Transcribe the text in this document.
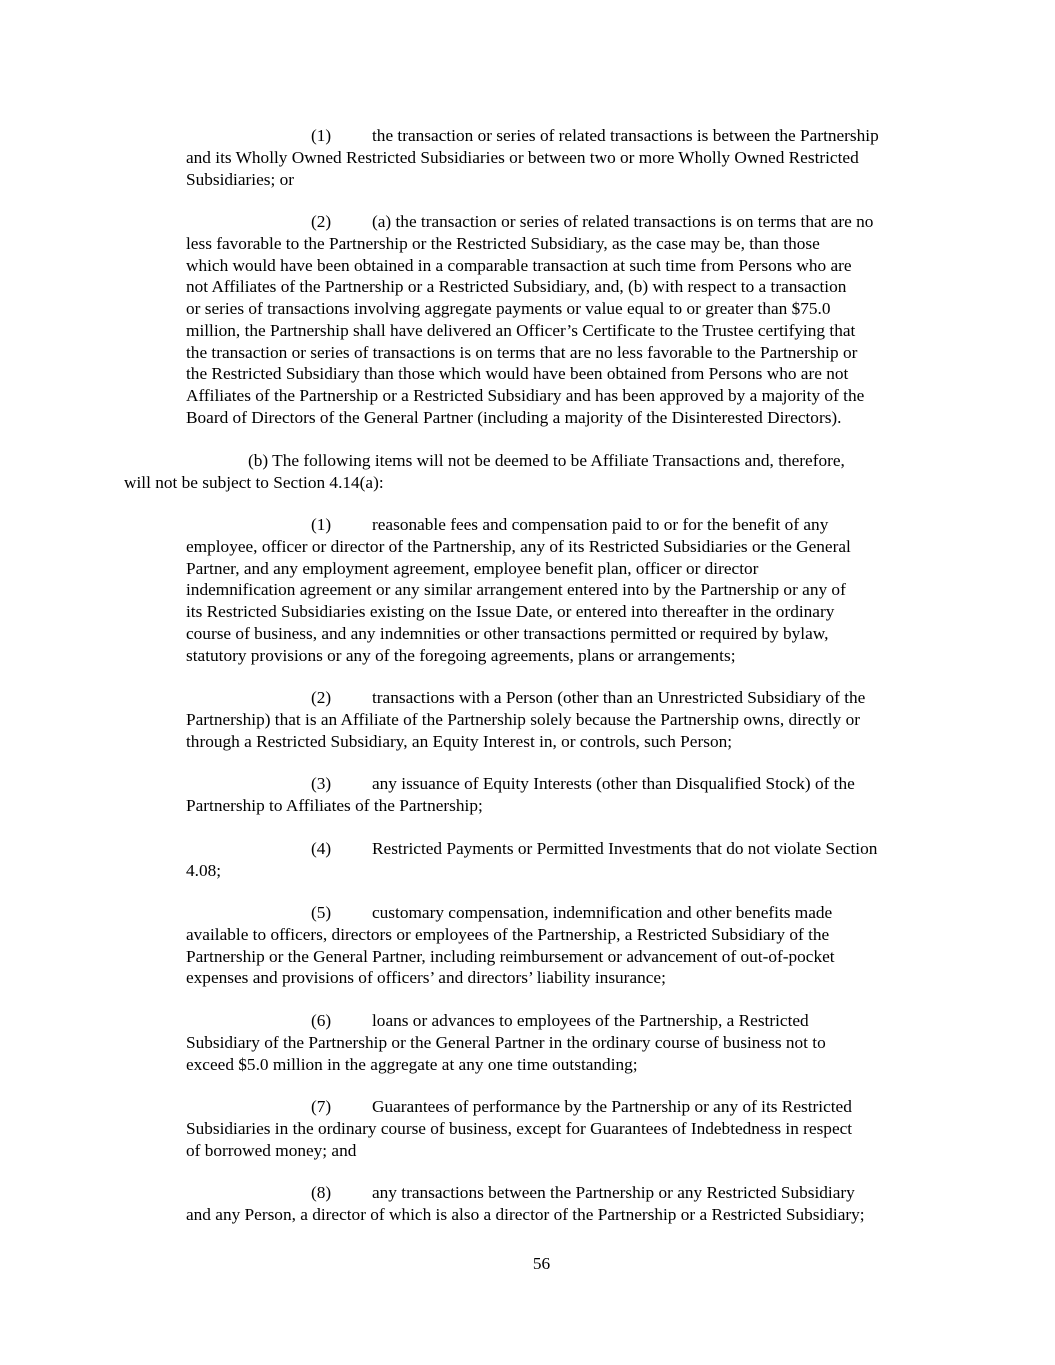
(1) the transaction or series of related transactions is between the Partnership
and its Wholly Owned Restricted Subsidiaries or between two or more Wholly Owned Restricted
Subsidiaries; or
(2) (a) the transaction or series of related transactions is on terms that are no
less favorable to the Partnership or the Restricted Subsidiary, as the case may be, than those
which would have been obtained in a comparable transaction at such time from Persons who are
not Affiliates of the Partnership or a Restricted Subsidiary, and, (b) with respect to a transaction
or series of transactions involving aggregate payments or value equal to or greater than $75.0
million, the Partnership shall have delivered an Officer’s Certificate to the Trustee certifying that
the transaction or series of transactions is on terms that are no less favorable to the Partnership or
the Restricted Subsidiary than those which would have been obtained from Persons who are not
Affiliates of the Partnership or a Restricted Subsidiary and has been approved by a majority of the
Board of Directors of the General Partner (including a majority of the Disinterested Directors).
(b) The following items will not be deemed to be Affiliate Transactions and, therefore,
will not be subject to Section 4.14(a):
(1) reasonable fees and compensation paid to or for the benefit of any
employee, officer or director of the Partnership, any of its Restricted Subsidiaries or the General
Partner, and any employment agreement, employee benefit plan, officer or director
indemnification agreement or any similar arrangement entered into by the Partnership or any of
its Restricted Subsidiaries existing on the Issue Date, or entered into thereafter in the ordinary
course of business, and any indemnities or other transactions permitted or required by bylaw,
statutory provisions or any of the foregoing agreements, plans or arrangements;
(2) transactions with a Person (other than an Unrestricted Subsidiary of the
Partnership) that is an Affiliate of the Partnership solely because the Partnership owns, directly or
through a Restricted Subsidiary, an Equity Interest in, or controls, such Person;
(3) any issuance of Equity Interests (other than Disqualified Stock) of the
Partnership to Affiliates of the Partnership;
(4) Restricted Payments or Permitted Investments that do not violate Section
4.08;
(5) customary compensation, indemnification and other benefits made
available to officers, directors or employees of the Partnership, a Restricted Subsidiary of the
Partnership or the General Partner, including reimbursement or advancement of out-of-pocket
expenses and provisions of officers’ and directors’ liability insurance;
(6) loans or advances to employees of the Partnership, a Restricted
Subsidiary of the Partnership or the General Partner in the ordinary course of business not to
exceed $5.0 million in the aggregate at any one time outstanding;
(7) Guarantees of performance by the Partnership or any of its Restricted
Subsidiaries in the ordinary course of business, except for Guarantees of Indebtedness in respect
of borrowed money; and
(8) any transactions between the Partnership or any Restricted Subsidiary
and any Person, a director of which is also a director of the Partnership or a Restricted Subsidiary;
56
